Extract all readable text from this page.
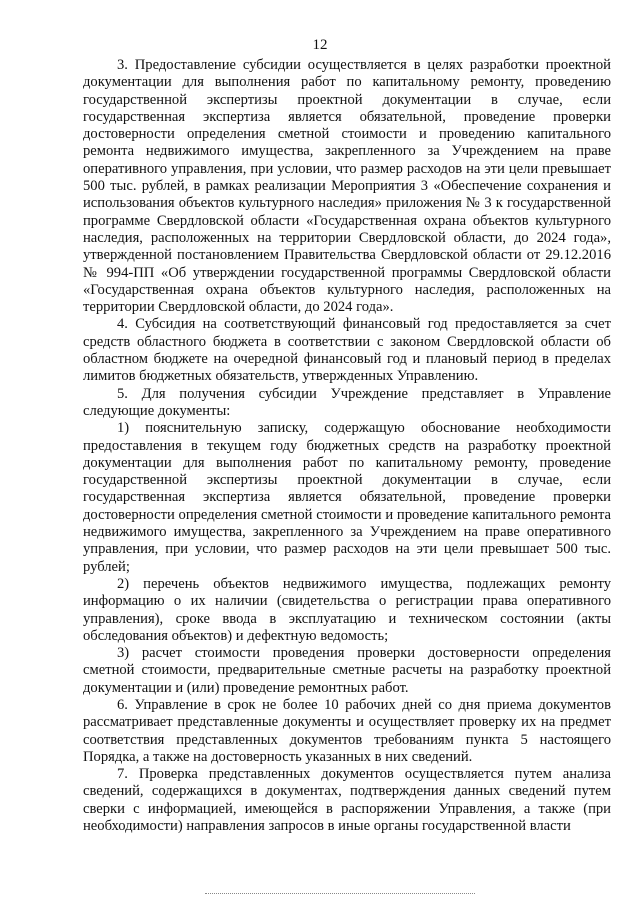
12

3. Предоставление субсидии осуществляется в целях разработки проектной документации для выполнения работ по капитальному ремонту, проведению государственной экспертизы проектной документации в случае, если государственная экспертиза является обязательной, проведение проверки достоверности определения сметной стоимости и проведению капитального ремонта недвижимого имущества, закрепленного за Учреждением на праве оперативного управления, при условии, что размер расходов на эти цели превышает 500 тыс. рублей, в рамках реализации Мероприятия 3 «Обеспечение сохранения и использования объектов культурного наследия» приложения № 3 к государственной программе Свердловской области «Государственная охрана объектов культурного наследия, расположенных на территории Свердловской области, до 2024 года», утвержденной постановлением Правительства Свердловской области от 29.12.2016 № 994-ПП «Об утверждении государственной программы Свердловской области «Государственная охрана объектов культурного наследия, расположенных на территории Свердловской области, до 2024 года».

4. Субсидия на соответствующий финансовый год предоставляется за счет средств областного бюджета в соответствии с законом Свердловской области об областном бюджете на очередной финансовый год и плановый период в пределах лимитов бюджетных обязательств, утвержденных Управлению.

5. Для получения субсидии Учреждение представляет в Управление следующие документы:

1) пояснительную записку, содержащую обоснование необходимости предоставления в текущем году бюджетных средств на разработку проектной документации для выполнения работ по капитальному ремонту, проведение государственной экспертизы проектной документации в случае, если государственная экспертиза является обязательной, проведение проверки достоверности определения сметной стоимости и проведение капитального ремонта недвижимого имущества, закрепленного за Учреждением на праве оперативного управления, при условии, что размер расходов на эти цели превышает 500 тыс. рублей;

2) перечень объектов недвижимого имущества, подлежащих ремонту информацию о их наличии (свидетельства о регистрации права оперативного управления), сроке ввода в эксплуатацию и техническом состоянии (акты обследования объектов) и дефектную ведомость;

3) расчет стоимости проведения проверки достоверности определения сметной стоимости, предварительные сметные расчеты на разработку проектной документации и (или) проведение ремонтных работ.

6. Управление в срок не более 10 рабочих дней со дня приема документов рассматривает представленные документы и осуществляет проверку их на предмет соответствия представленных документов требованиям пункта 5 настоящего Порядка, а также на достоверность указанных в них сведений.

7. Проверка представленных документов осуществляется путем анализа сведений, содержащихся в документах, подтверждения данных сведений путем сверки с информацией, имеющейся в распоряжении Управления, а также (при необходимости) направления запросов в иные органы государственной власти
